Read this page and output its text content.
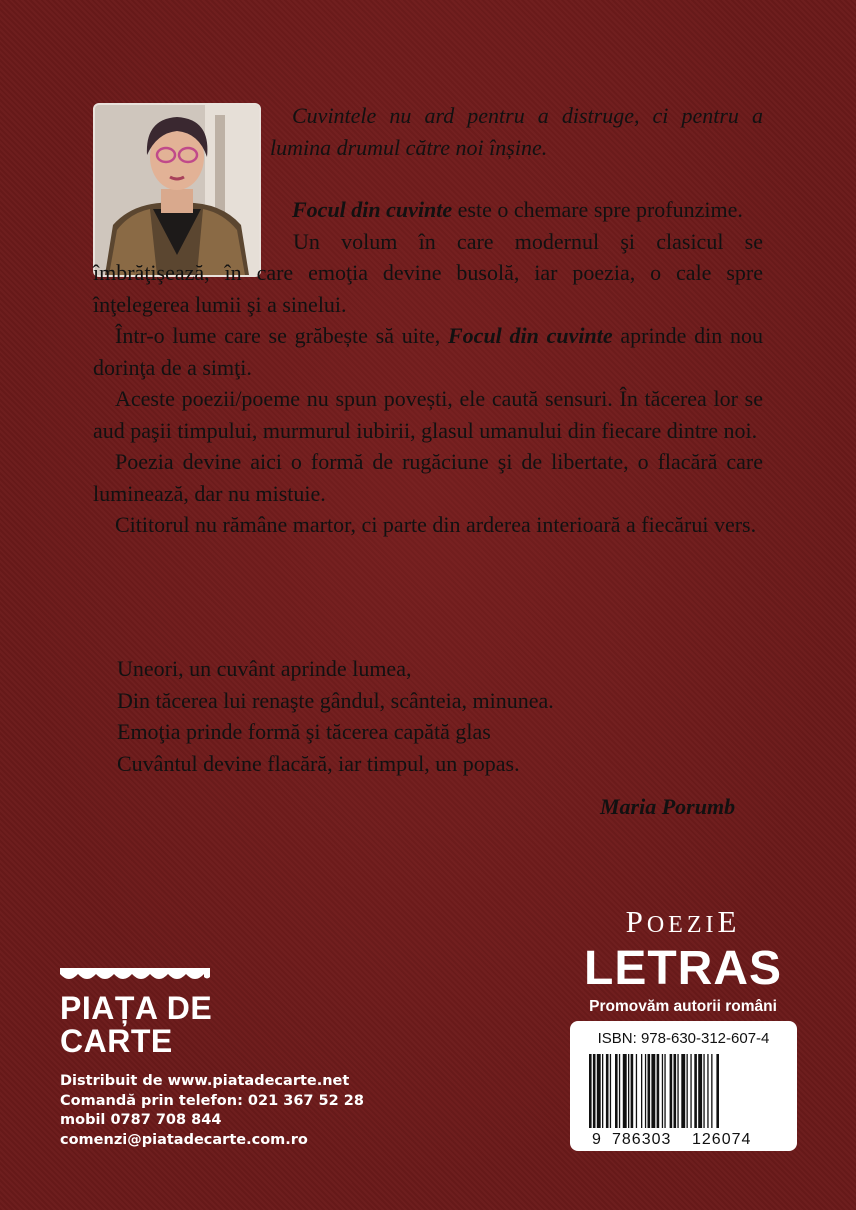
Cuvintele nu ard pentru a distruge, ci pentru a lumina drumul către noi înșine.

Focul din cuvinte este o chemare spre profunzime.

Un volum în care modernul şi clasicul se îmbrăţişează, în care emoţia devine busolă, iar poezia, o cale spre înţelegerea lumii şi a sinelui.

Într-o lume care se grăbește să uite, Focul din cuvinte aprinde din nou dorinţa de a simţi.

Aceste poezii/poeme nu spun povești, ele caută sensuri. În tăcerea lor se aud paşii timpului, murmurul iubirii, glasul umanului din fiecare dintre noi.

Poezia devine aici o formă de rugăciune şi de libertate, o flacără care luminează, dar nu mistuie.

Cititorul nu rămâne martor, ci parte din arderea interioară a fiecărui vers.

Uneori, un cuvânt aprinde lumea,
Din tăcerea lui renaşte gândul, scânteia, minunea.
Emoţia prinde formă şi tăcerea capătă glas
Cuvântul devine flacără, iar timpul, un popas.
Maria Porumb
POEZIE
LETRAS
Promovăm autorii români
ISBN: 978-630-312-607-4
9 786303 126074
PIAȚA DE
CARTE
Distribuit de www.piatadecarte.net
Comandă prin telefon: 021 367 52 28
mobil 0787 708 844
comenzi@piatadecarte.com.ro
